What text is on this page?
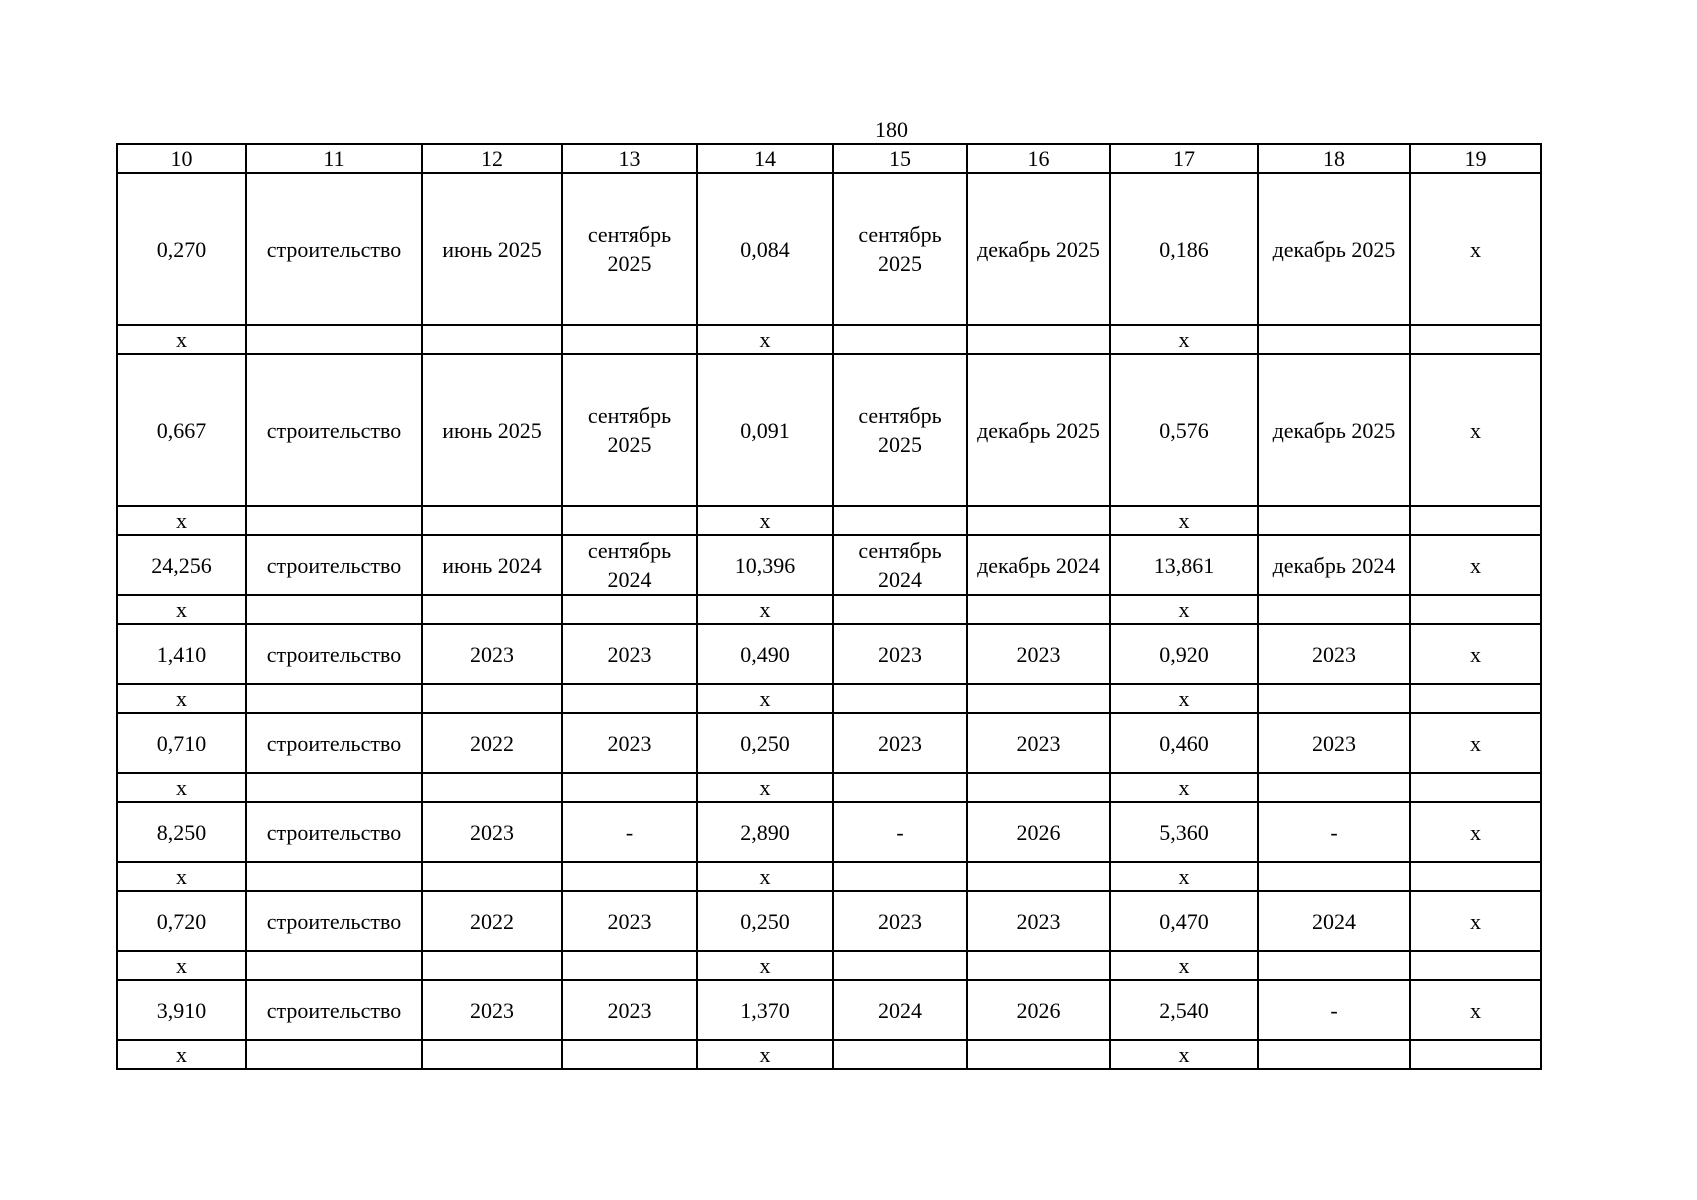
180
10	11	12	13	14	15	16	17	18	19
0,270	строительство	июнь 2025	сентябрь 2025	0,084	сентябрь 2025	декабрь 2025	0,186	декабрь 2025	х
х				х			х		
0,667	строительство	июнь 2025	сентябрь 2025	0,091	сентябрь 2025	декабрь 2025	0,576	декабрь 2025	х
х				х			х		
24,256	строительство	июнь 2024	сентябрь 2024	10,396	сентябрь 2024	декабрь 2024	13,861	декабрь 2024	х
х				х			х		
1,410	строительство	2023	2023	0,490	2023	2023	0,920	2023	х
х				х			х		
0,710	строительство	2022	2023	0,250	2023	2023	0,460	2023	х
х				х			х		
8,250	строительство	2023	-	2,890	-	2026	5,360	-	х
х				х			х		
0,720	строительство	2022	2023	0,250	2023	2023	0,470	2024	х
х				х			х		
3,910	строительство	2023	2023	1,370	2024	2026	2,540	-	х
х				х			х		
